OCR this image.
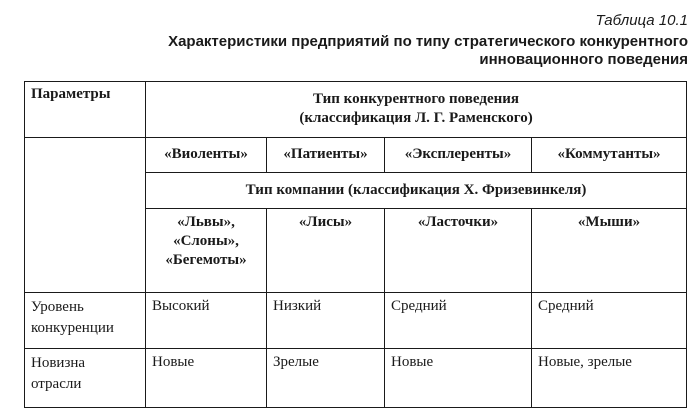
Таблица 10.1
Характеристики предприятий по типу стратегического конкурентного
инновационного поведения
Параметры	Тип конкурентного поведения
(классификация Л. Г. Раменского)			

	«Виоленты»	«Патиенты»	«Эксплеренты»	«Коммутанты»
	Тип компании (классификация Х. Фризевинкеля)			

	«Львы»,
«Слоны»,
«Бегемоты»	«Лисы»	«Ласточки»	«Мыши»

Уровень
конкуренции	Высокий	Низкий	Средний	Средний

Новизна
отрасли	Новые	Зрелые	Новые	Новые, зрелые
